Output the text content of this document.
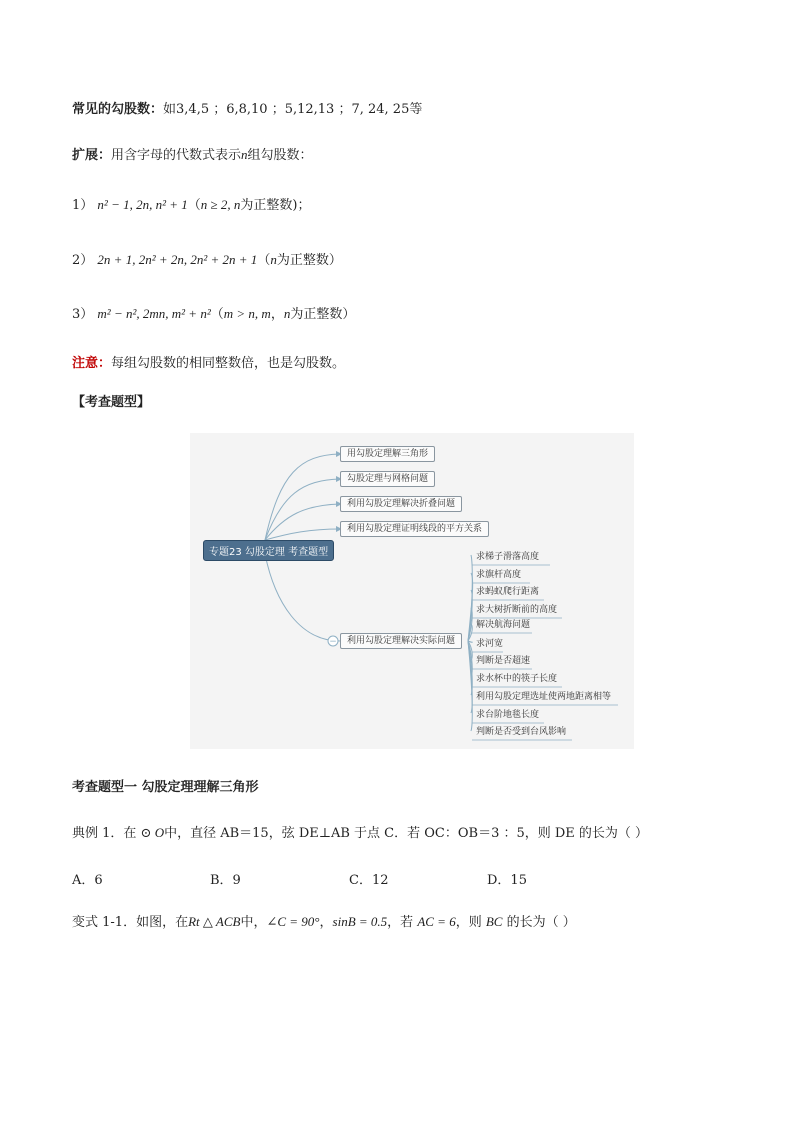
常见的勾股数：如3,4,5 ；6,8,10 ；5,12,13 ；7, 24, 25等
扩展：用含字母的代数式表示n组勾股数：
1） n² − 1, 2n, n² + 1（n ≥ 2, n为正整数)；
2） 2n + 1, 2n² + 2n, 2n² + 2n + 1（n为正整数）
3） m² − n², 2mn, m² + n²（m > n, m，n为正整数）
注意：每组勾股数的相同整数倍，也是勾股数。
【考查题型】
−
专题23 勾股定理 考查题型
用勾股定理解三角形
勾股定理与网格问题
利用勾股定理解决折叠问题
利用勾股定理证明线段的平方关系
利用勾股定理解决实际问题
求梯子滑落高度
求旗杆高度
求蚂蚁爬行距离
求大树折断前的高度
解决航海问题
求河宽
判断是否超速
求水杯中的筷子长度
利用勾股定理选址使两地距离相等
求台阶地毯长度
判断是否受到台风影响
考查题型一 勾股定理理解三角形
典例 1．在 ⊙ O中，直径 AB＝15，弦 DE⊥AB 于点 C．若 OC：OB＝3 ：5，则 DE 的长为（ ）
A．6	B．9	C．12	D．15
变式 1-1．如图，在Rt △ ACB中，∠C = 90°，sinB = 0.5，若 AC = 6，则 BC 的长为（ ）
